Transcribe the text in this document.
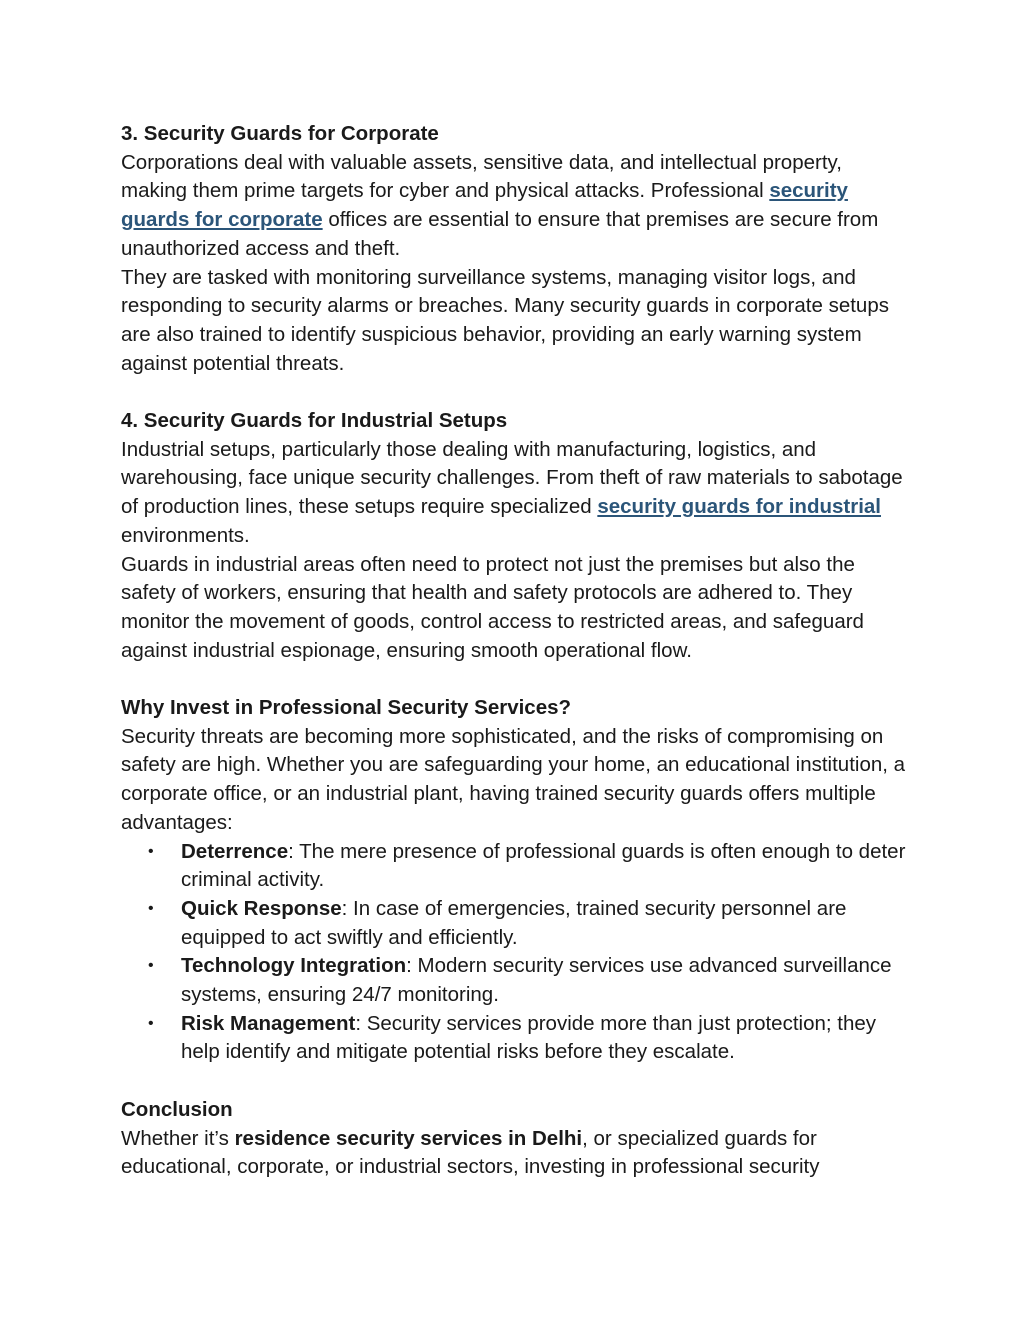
3. Security Guards for Corporate

Corporations deal with valuable assets, sensitive data, and intellectual property, making them prime targets for cyber and physical attacks. Professional security guards for corporate offices are essential to ensure that premises are secure from unauthorized access and theft.

They are tasked with monitoring surveillance systems, managing visitor logs, and responding to security alarms or breaches. Many security guards in corporate setups are also trained to identify suspicious behavior, providing an early warning system against potential threats.

4. Security Guards for Industrial Setups

Industrial setups, particularly those dealing with manufacturing, logistics, and warehousing, face unique security challenges. From theft of raw materials to sabotage of production lines, these setups require specialized security guards for industrial environments.

Guards in industrial areas often need to protect not just the premises but also the safety of workers, ensuring that health and safety protocols are adhered to. They monitor the movement of goods, control access to restricted areas, and safeguard against industrial espionage, ensuring smooth operational flow.

Why Invest in Professional Security Services?

Security threats are becoming more sophisticated, and the risks of compromising on safety are high. Whether you are safeguarding your home, an educational institution, a corporate office, or an industrial plant, having trained security guards offers multiple advantages:

• Deterrence: The mere presence of professional guards is often enough to deter criminal activity.
• Quick Response: In case of emergencies, trained security personnel are equipped to act swiftly and efficiently.
• Technology Integration: Modern security services use advanced surveillance systems, ensuring 24/7 monitoring.
• Risk Management: Security services provide more than just protection; they help identify and mitigate potential risks before they escalate.
Conclusion

Whether it’s residence security services in Delhi, or specialized guards for educational, corporate, or industrial sectors, investing in professional security
